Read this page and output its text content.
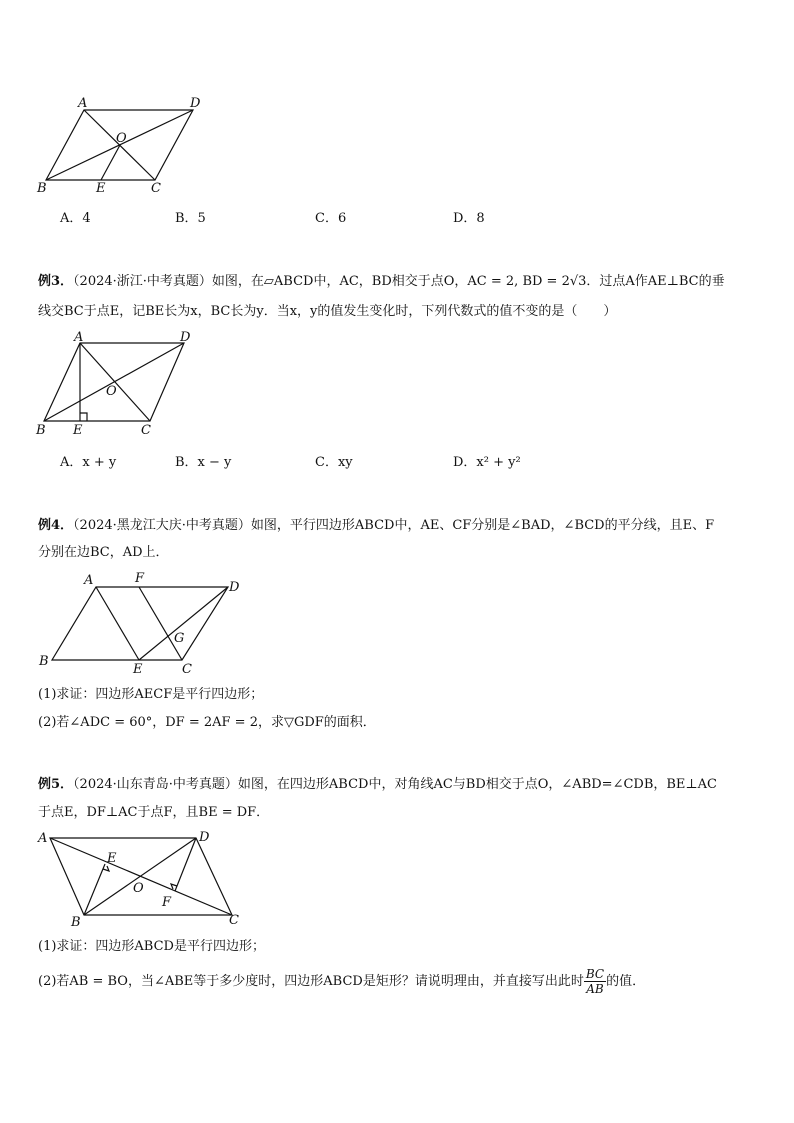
A	D
O
B	E	C
A．4	B．5	C．6	D．8
例3．（2024·浙江·中考真题）如图，在▱ABCD中，AC，BD相交于点O，AC = 2, BD = 2√3．过点A作AE⊥BC的垂
线交BC于点E，记BE长为x，BC长为y．当x，y的值发生变化时，下列代数式的值不变的是（　　）
A	D
O
B E	C
A．x + y	B．x − y	C．xy	D．x² + y²
例4．（2024·黑龙江大庆·中考真题）如图，平行四边形ABCD中，AE、CF分别是∠BAD，∠BCD的平分线，且E、F
分别在边BC，AD上．
A	F
D
G
B
E	C
(1)求证：四边形AECF是平行四边形；
(2)若∠ADC = 60°，DF = 2AF = 2，求▽GDF的面积．
例5．（2024·山东青岛·中考真题）如图，在四边形ABCD中，对角线AC与BD相交于点O，∠ABD=∠CDB，BE⊥AC
于点E，DF⊥AC于点F，且BE = DF．
A	D
E
O
F
B	C
(1)求证：四边形ABCD是平行四边形；
(2)若AB = BO，当∠ABE等于多少度时，四边形ABCD是矩形？请说明理由，并直接写出此时 $\frac{BC}{AB}$ 的值．
